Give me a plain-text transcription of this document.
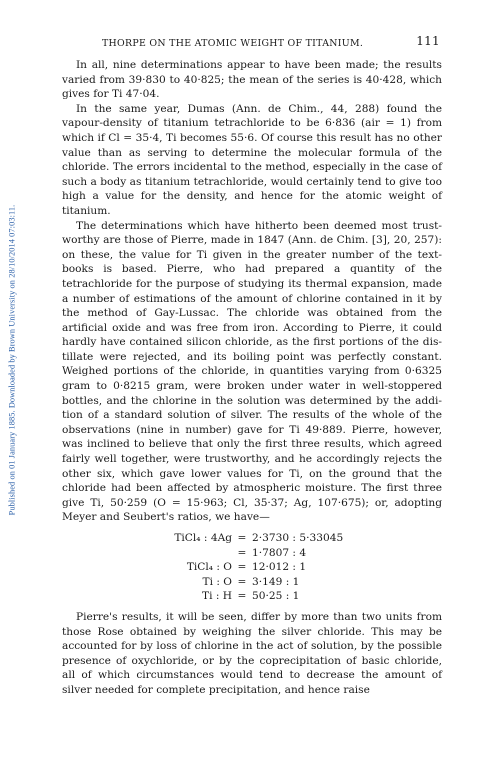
Published on 01 January 1885. Downloaded by Brown University on 28/10/2014 07:03:11.
THORPE ON THE ATOMIC WEIGHT OF TITANIUM.	111

In all, nine determinations appear to have been made; the results varied from 39·830 to 40·825; the mean of the series is 40·428, which gives for Ti 47·04.

In the same year, Dumas (Ann. de Chim., 44, 288) found the vapour-density of titanium tetrachloride to be 6·836 (air = 1) from which if Cl = 35·4, Ti becomes 55·6. Of course this result has no other value than as serving to determine the molecular formula of the chloride. The errors incidental to the method, especially in the case of such a body as titanium tetrachloride, would certainly tend to give too high a value for the density, and hence for the atomic weight of titanium.

The determinations which have hitherto been deemed most trust-worthy are those of Pierre, made in 1847 (Ann. de Chim. [3], 20, 257): on these, the value for Ti given in the greater number of the text-books is based. Pierre, who had prepared a quantity of the tetrachloride for the purpose of studying its thermal expansion, made a number of estimations of the amount of chlorine contained in it by the method of Gay-Lussac. The chloride was obtained from the artificial oxide and was free from iron. According to Pierre, it could hardly have contained silicon chloride, as the first portions of the dis-tillate were rejected, and its boiling point was perfectly constant. Weighed portions of the chloride, in quantities varying from 0·6325 gram to 0·8215 gram, were broken under water in well-stoppered bottles, and the chlorine in the solution was determined by the addi-tion of a standard solution of silver. The results of the whole of the observations (nine in number) gave for Ti 49·889. Pierre, however, was inclined to believe that only the first three results, which agreed fairly well together, were trustworthy, and he accordingly rejects the other six, which gave lower values for Ti, on the ground that the chloride had been affected by atmospheric moisture. The first three give Ti, 50·259 (O = 15·963; Cl, 35·37; Ag, 107·675); or, adopting Meyer and Seubert's ratios, we have—

TiCl₄ : 4Ag = 2·3730 : 5·33045
= 1·7807 : 4
TiCl₄ : O = 12·012 : 1
Ti : O = 3·149 : 1
Ti : H = 50·25 : 1

Pierre's results, it will be seen, differ by more than two units from those Rose obtained by weighing the silver chloride. This may be accounted for by loss of chlorine in the act of solution, by the possible presence of oxychloride, or by the coprecipitation of basic chloride, all of which circumstances would tend to decrease the amount of silver needed for complete precipitation, and hence raise
